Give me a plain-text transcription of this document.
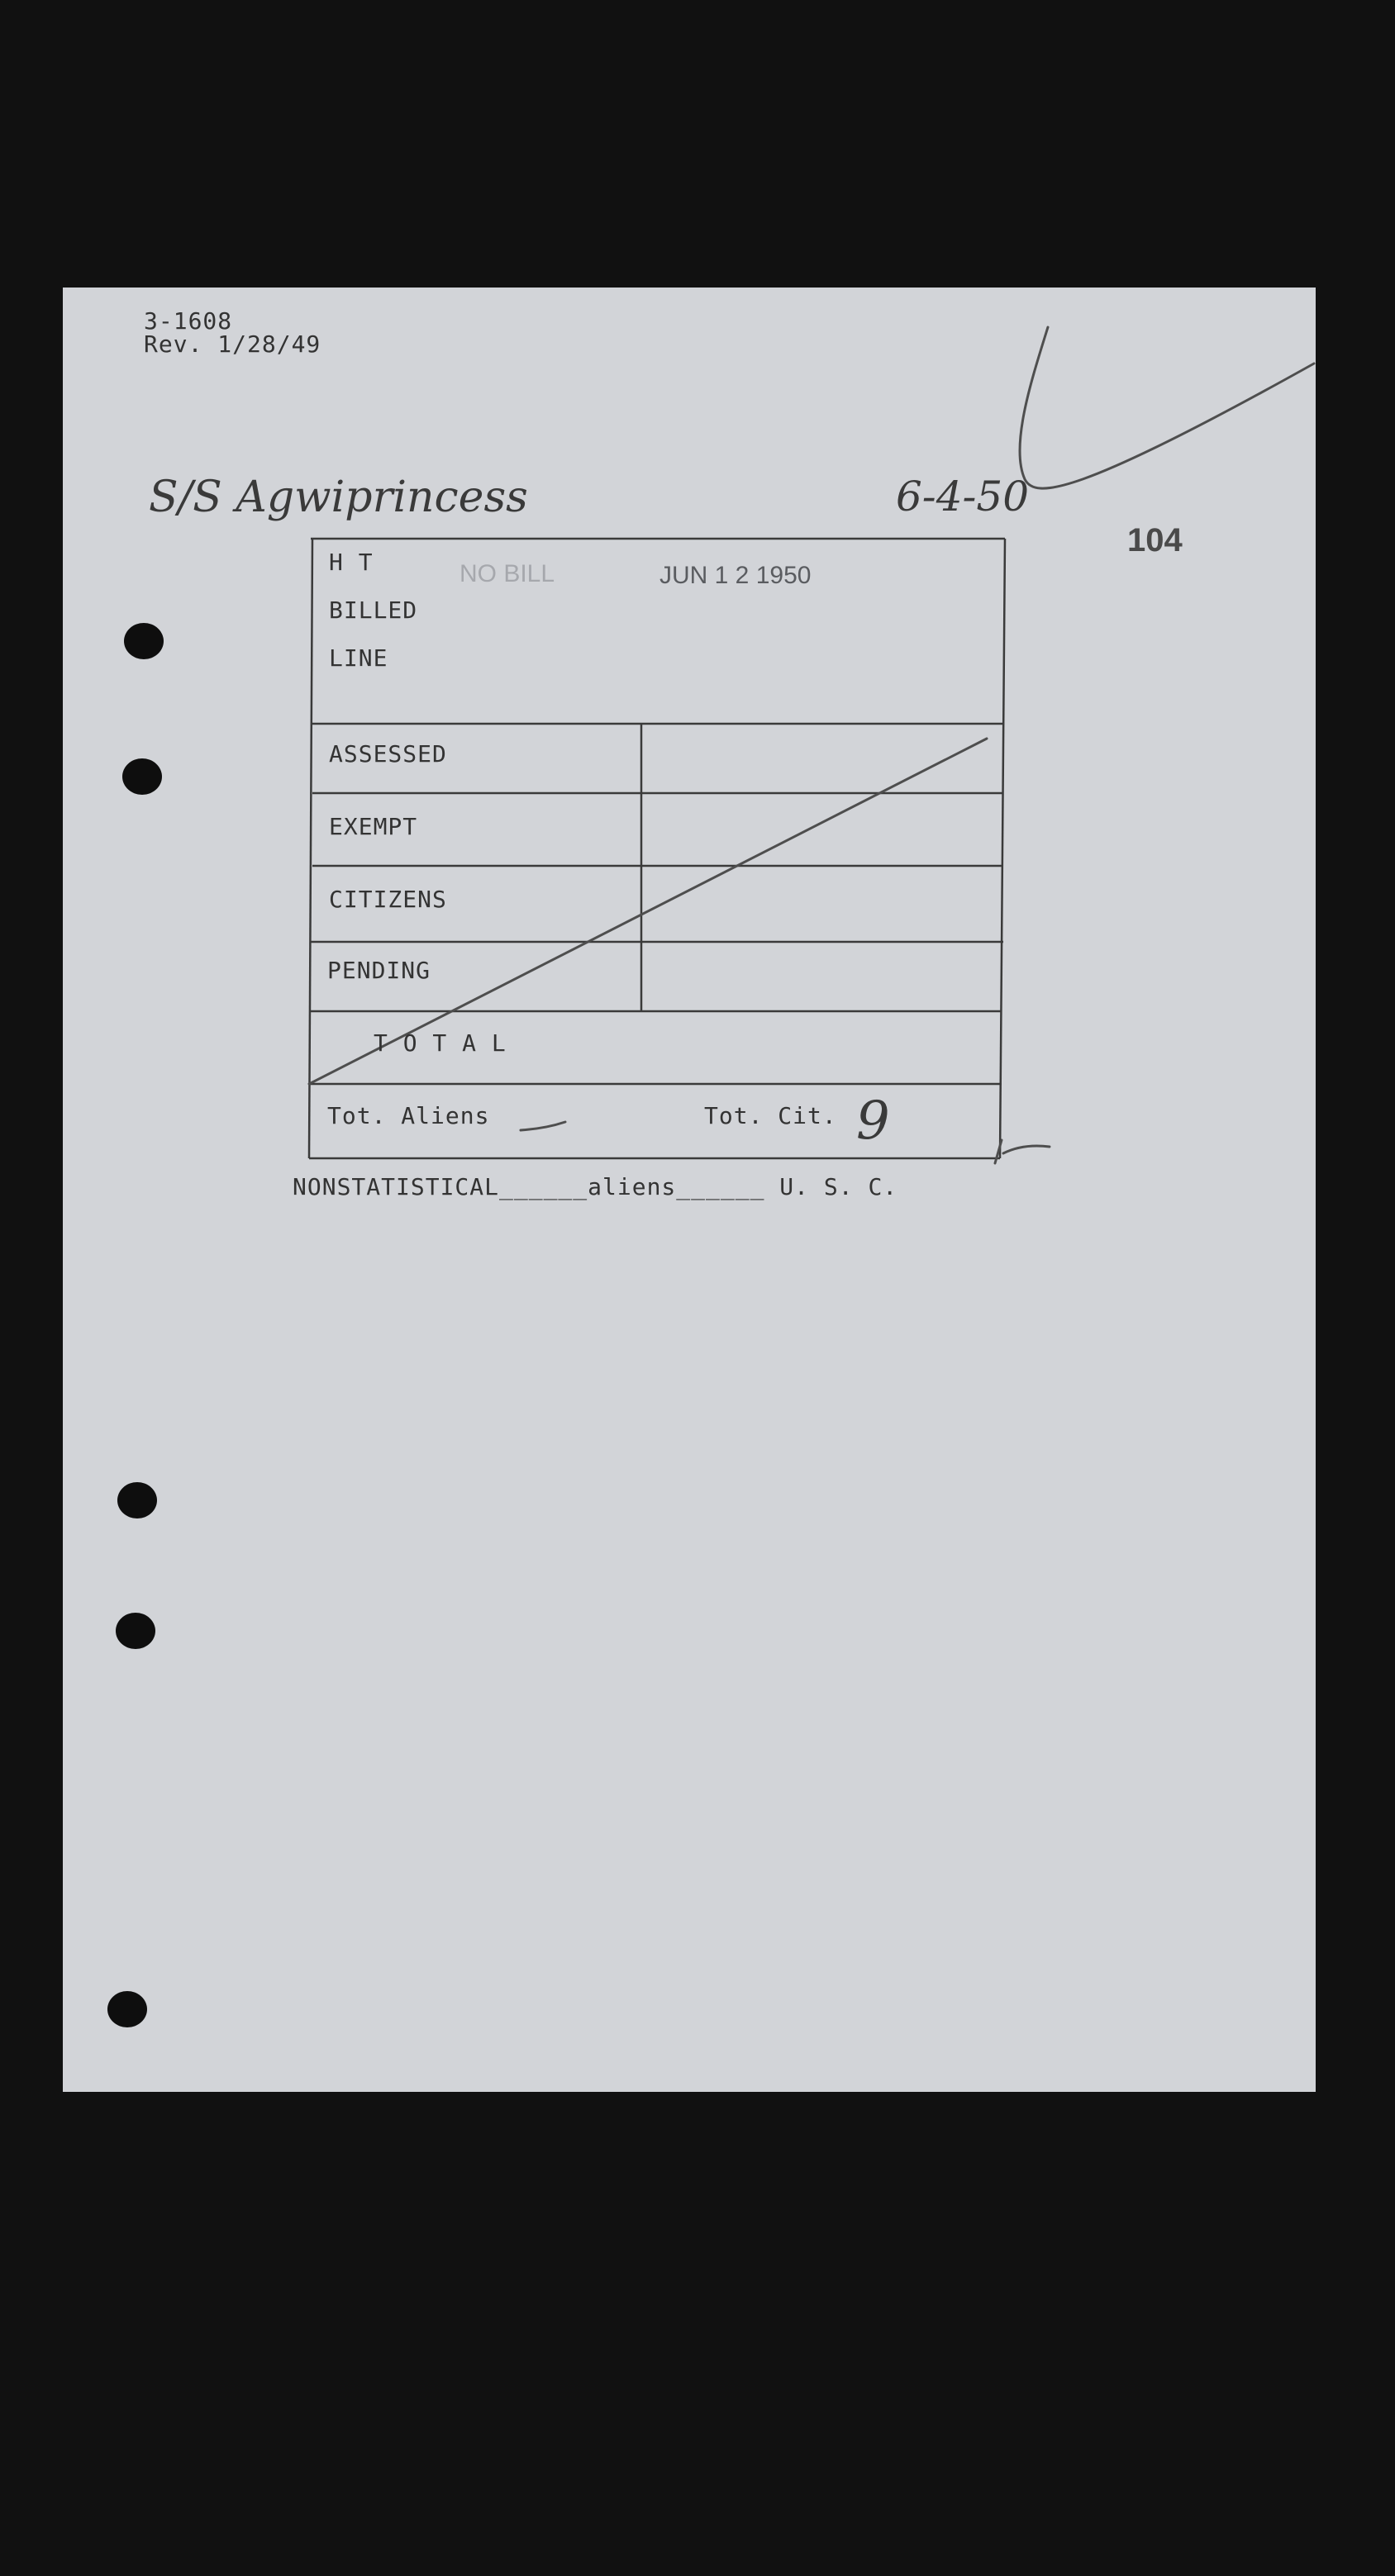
3-1608
Rev. 1/28/49
S/S Agwiprincess	6-4-50
104
NO BILL	JUN 1 2 1950
H T
BILLED
LINE
ASSESSED
EXEMPT
CITIZENS
PENDING
T O T A L
Tot. Aliens	Tot. Cit. 9
NONSTATISTICAL______aliens______ U. S. C.
